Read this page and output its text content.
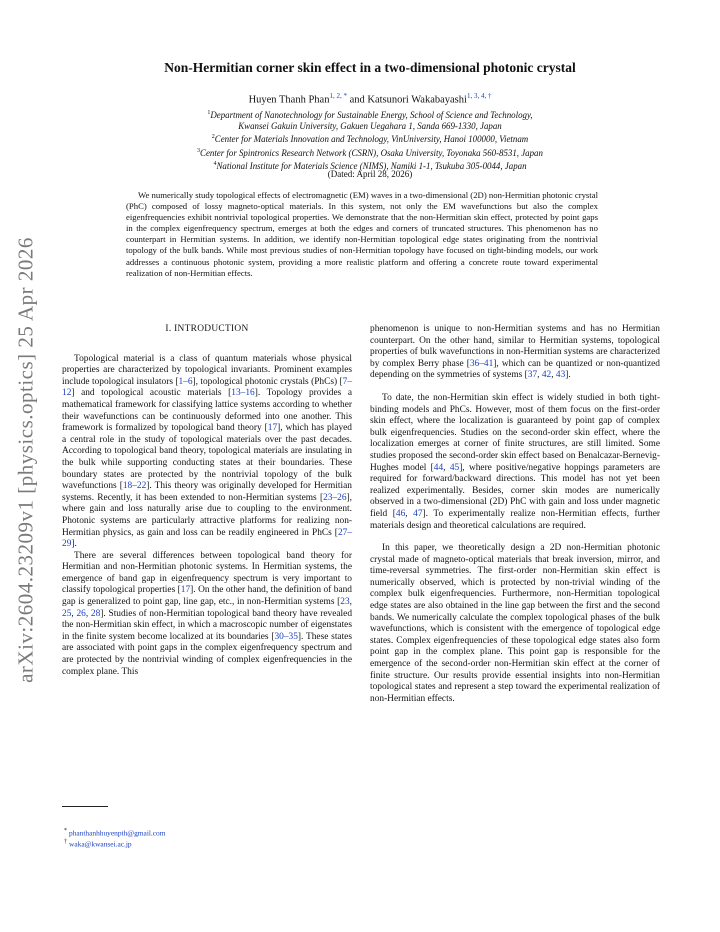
arXiv:2604.23209v1 [physics.optics] 25 Apr 2026
Non-Hermitian corner skin effect in a two-dimensional photonic crystal
Huyen Thanh Phan$^{1, 2, *}$ and Katsunori Wakabayashi$^{1, 3, 4, \dagger}$
$^1$Department of Nanotechnology for Sustainable Energy, School of Science and Technology,
Kwansei Gakuin University, Gakuen Uegahara 1, Sanda 669-1330, Japan
$^2$Center for Materials Innovation and Technology, VinUniversity, Hanoi 100000, Vietnam
$^3$Center for Spintronics Research Network (CSRN), Osaka University, Toyonaka 560-8531, Japan
$^4$National Institute for Materials Science (NIMS), Namiki 1-1, Tsukuba 305-0044, Japan
(Dated: April 28, 2026)

We numerically study topological effects of electromagnetic (EM) waves in a two-dimensional (2D) non-Hermitian photonic crystal (PhC) composed of lossy magneto-optical materials. In this system, not only the EM wavefunctions but also the complex eigenfrequencies exhibit nontrivial topological properties. We demonstrate that the non-Hermitian skin effect, protected by point gaps in the complex eigenfrequency spectrum, emerges at both the edges and corners of truncated structures. This phenomenon has no counterpart in Hermitian systems. In addition, we identify non-Hermitian topological edge states originating from the nontrivial topology of the bulk bands. While most previous studies of non-Hermitian topology have focused on tight-binding models, our work addresses a continuous photonic system, providing a more realistic platform and offering a concrete route toward experimental realization of non-Hermitian effects.

I. INTRODUCTION

Topological material is a class of quantum materials whose physical properties are characterized by topological invariants. Prominent examples include topological insulators [1–6], topological photonic crystals (PhCs) [7–12] and topological acoustic materials [13–16]. Topology provides a mathematical framework for classifying lattice systems according to whether their wavefunctions can be continuously deformed into one another. This framework is formalized by topological band theory [17], which has played a central role in the study of topological materials over the past decades. According to topological band theory, topological materials are insulating in the bulk while supporting conducting states at their boundaries. These boundary states are protected by the nontrivial topology of the bulk wavefunctions [18–22]. This theory was originally developed for Hermitian systems. Recently, it has been extended to non-Hermitian systems [23–26], where gain and loss naturally arise due to coupling to the environment. Photonic systems are particularly attractive platforms for realizing non-Hermitian physics, as gain and loss can be readily engineered in PhCs [27–29].

There are several differences between topological band theory for Hermitian and non-Hermitian photonic systems. In Hermitian systems, the emergence of band gap in eigenfrequency spectrum is very important to classify topological properties [17]. On the other hand, the definition of band gap is generalized to point gap, line gap, etc., in non-Hermitian systems [23, 25, 26, 28]. Studies of non-Hermitian topological band theory have revealed the non-Hermitian skin effect, in which a macroscopic number of eigenstates in the finite system become localized at its boundaries [30–35]. These states are associated with point gaps in the complex eigenfrequency spectrum and are protected by the nontrivial winding of complex eigenfrequencies in the complex plane. This

phenomenon is unique to non-Hermitian systems and has no Hermitian counterpart. On the other hand, similar to Hermitian systems, topological properties of bulk wavefunctions in non-Hermitian systems are characterized by complex Berry phase [36–41], which can be quantized or non-quantized depending on the symmetries of systems [37, 42, 43].

To date, the non-Hermitian skin effect is widely studied in both tight-binding models and PhCs. However, most of them focus on the first-order skin effect, where the localization is guaranteed by point gap of complex bulk eigenfrequencies. Studies on the second-order skin effect, where the localization emerges at corner of finite structures, are still limited. Some studies proposed the second-order skin effect based on Benalcazar-Bernevig-Hughes model [44, 45], where positive/negative hoppings parameters are required for forward/backward directions. This model has not yet been realized experimentally. Besides, corner skin modes are numerically observed in a two-dimensional (2D) PhC with gain and loss under magnetic field [46, 47]. To experimentally realize non-Hermitian effects, further materials design and theoretical calculations are required.

In this paper, we theoretically design a 2D non-Hermitian photonic crystal made of magneto-optical materials that break inversion, mirror, and time-reversal symmetries. The first-order non-Hermitian skin effect is numerically observed, which is protected by non-trivial winding of the complex bulk eigenfrequencies. Furthermore, non-Hermitian topological edge states are also obtained in the line gap between the first and the second bands. We numerically calculate the complex topological phases of the bulk wavefunctions, which is consistent with the emergence of topological edge states. Complex eigenfrequencies of these topological edge states also form point gap in the complex plane. This point gap is responsible for the emergence of the second-order non-Hermitian skin effect at the corner of finite structure. Our results provide essential insights into non-Hermitian topological states and represent a step toward the experimental realization of non-Hermitian effects.

* phanthanhhuyenpth@gmail.com
† waka@kwansei.ac.jp
